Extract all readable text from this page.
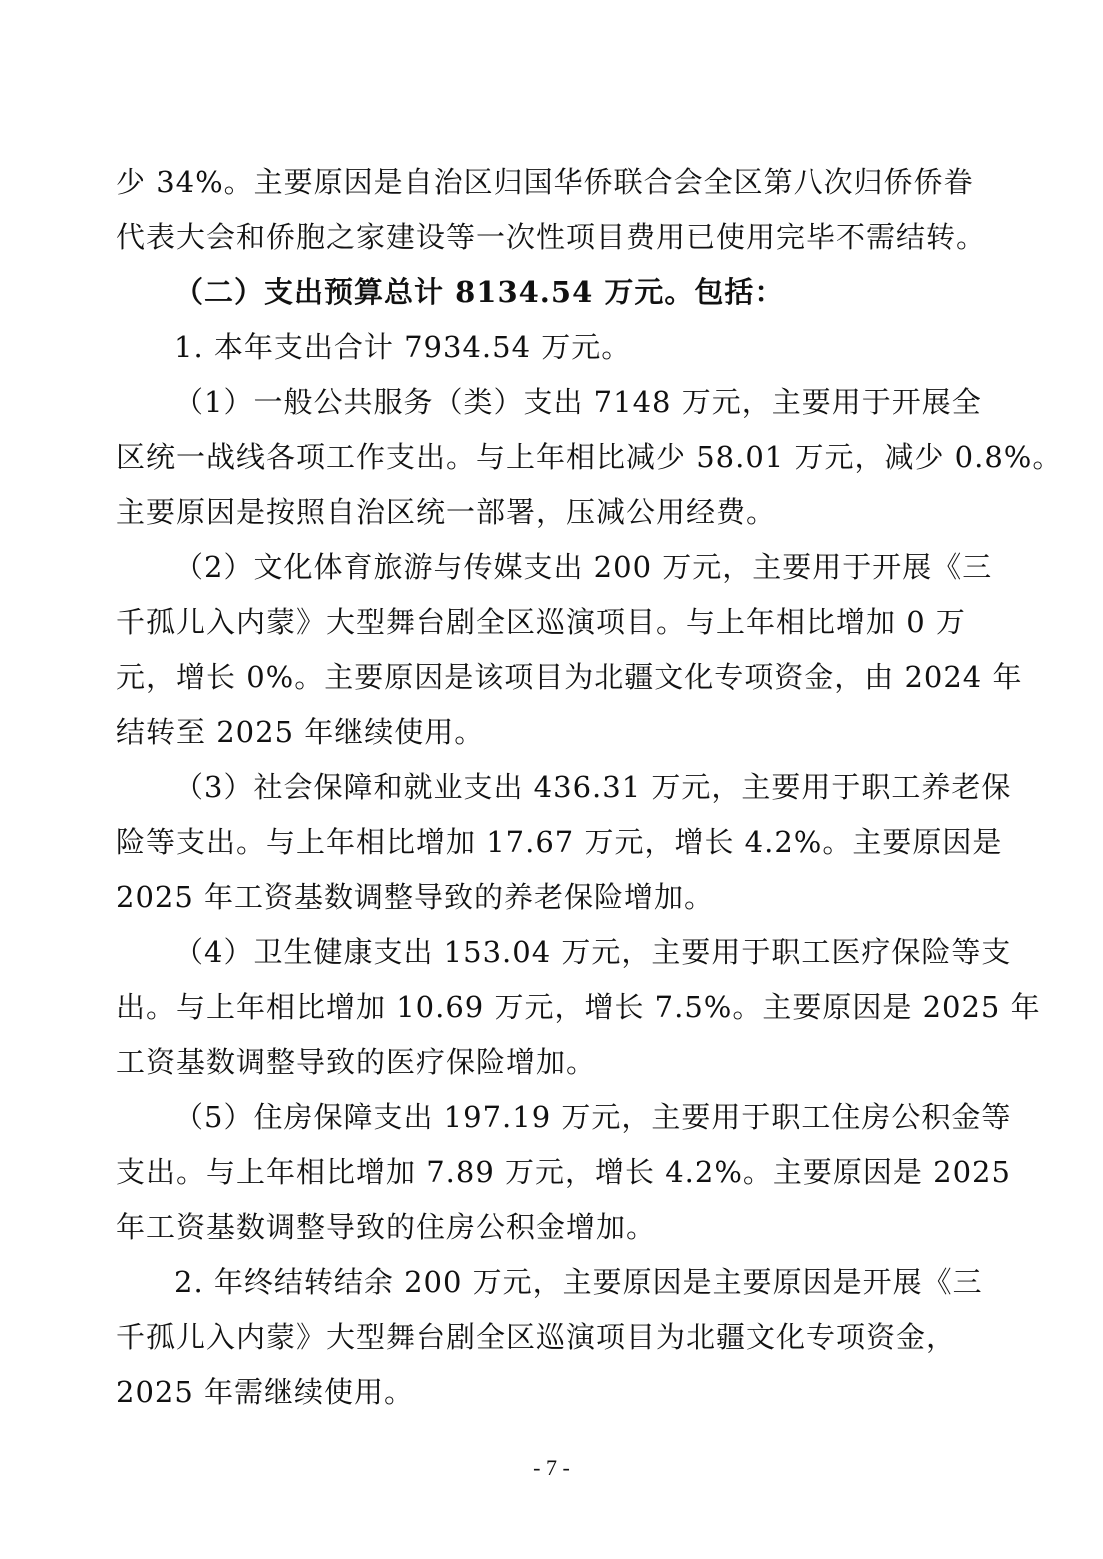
少 34%。主要原因是自治区归国华侨联合会全区第八次归侨侨眷
代表大会和侨胞之家建设等一次性项目费用已使用完毕不需结转。
（二）支出预算总计 8134.54 万元。包括：
1. 本年支出合计 7934.54 万元。
（1）一般公共服务（类）支出 7148 万元，主要用于开展全
区统一战线各项工作支出。与上年相比减少 58.01 万元，减少 0.8%。
主要原因是按照自治区统一部署，压减公用经费。
（2）文化体育旅游与传媒支出 200 万元，主要用于开展《三
千孤儿入内蒙》大型舞台剧全区巡演项目。与上年相比增加 0 万
元，增长 0%。主要原因是该项目为北疆文化专项资金，由 2024 年
结转至 2025 年继续使用。
（3）社会保障和就业支出 436.31 万元，主要用于职工养老保
险等支出。与上年相比增加 17.67 万元，增长 4.2%。主要原因是
2025 年工资基数调整导致的养老保险增加。
（4）卫生健康支出 153.04 万元，主要用于职工医疗保险等支
出。与上年相比增加 10.69 万元，增长 7.5%。主要原因是 2025 年
工资基数调整导致的医疗保险增加。
（5）住房保障支出 197.19 万元，主要用于职工住房公积金等
支出。与上年相比增加 7.89 万元，增长 4.2%。主要原因是 2025
年工资基数调整导致的住房公积金增加。
2. 年终结转结余 200 万元，主要原因是主要原因是开展《三
千孤儿入内蒙》大型舞台剧全区巡演项目为北疆文化专项资金，
2025 年需继续使用。
- 7 -
